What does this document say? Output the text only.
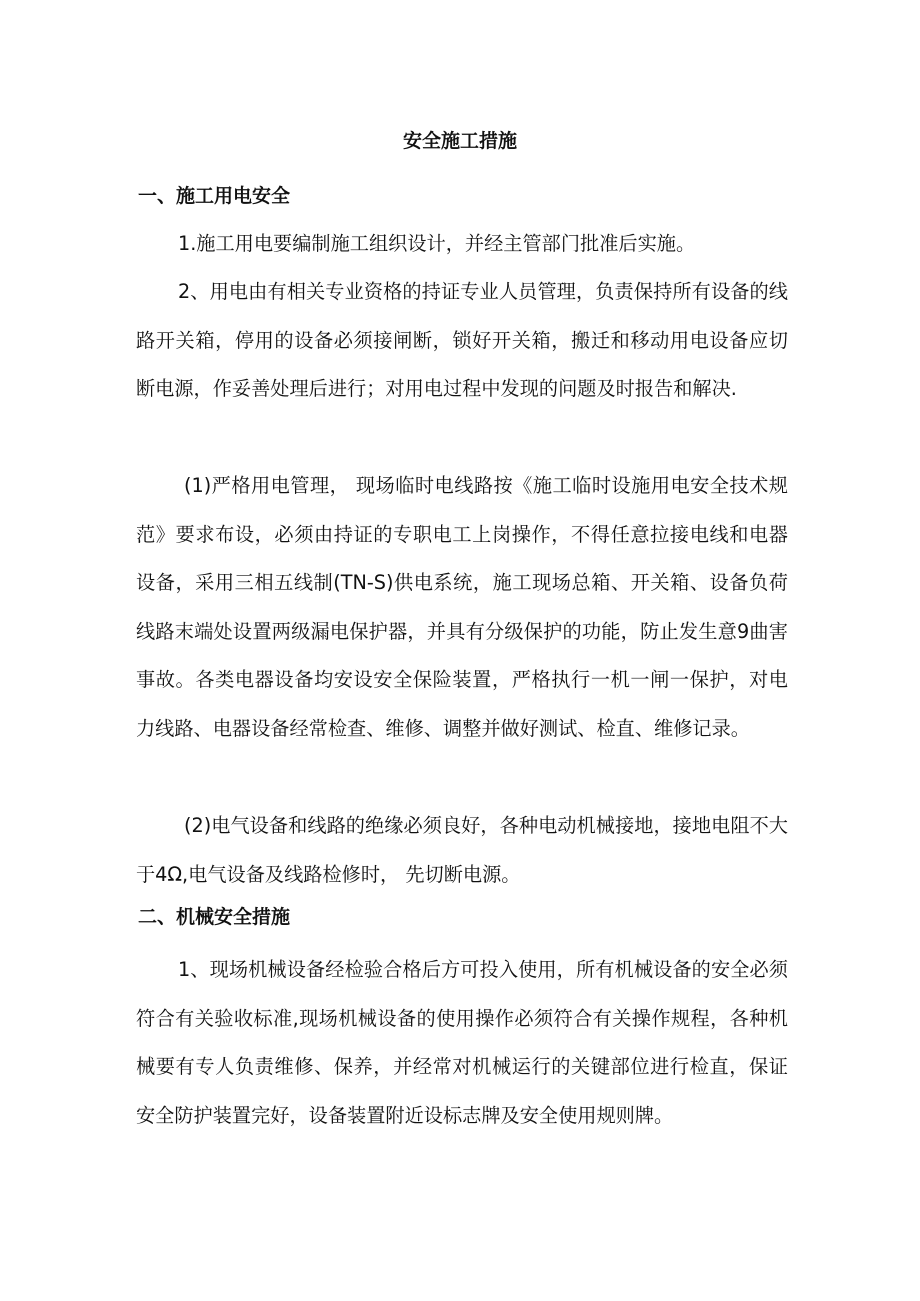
安全施工措施
一、施工用电安全

1.施工用电要编制施工组织设计，并经主管部门批准后实施。

2、用电由有相关专业资格的持证专业人员管理，负责保持所有设备的线路开关箱，停用的设备必须接闸断，锁好开关箱，搬迁和移动用电设备应切断电源，作妥善处理后进行；对用电过程中发现的问题及时报告和解决.

(1)严格用电管理， 现场临时电线路按《施工临时设施用电安全技术规范》要求布设，必须由持证的专职电工上岗操作，不得任意拉接电线和电器设备，采用三相五线制(TN-S)供电系统，施工现场总箱、开关箱、设备负荷线路末端处设置两级漏电保护器，并具有分级保护的功能，防止发生意9曲害事故。各类电器设备均安设安全保险装置，严格执行一机一闸一保护，对电力线路、电器设备经常检查、维修、调整并做好测试、检直、维修记录。

(2)电气设备和线路的绝缘必须良好，各种电动机械接地，接地电阻不大于4Ω,电气设备及线路检修时， 先切断电源。

二、机械安全措施

1、现场机械设备经检验合格后方可投入使用，所有机械设备的安全必须符合有关验收标准,现场机械设备的使用操作必须符合有关操作规程，各种机械要有专人负责维修、保养，并经常对机械运行的关键部位进行检直，保证安全防护装置完好，设备装置附近设标志牌及安全使用规则牌。
